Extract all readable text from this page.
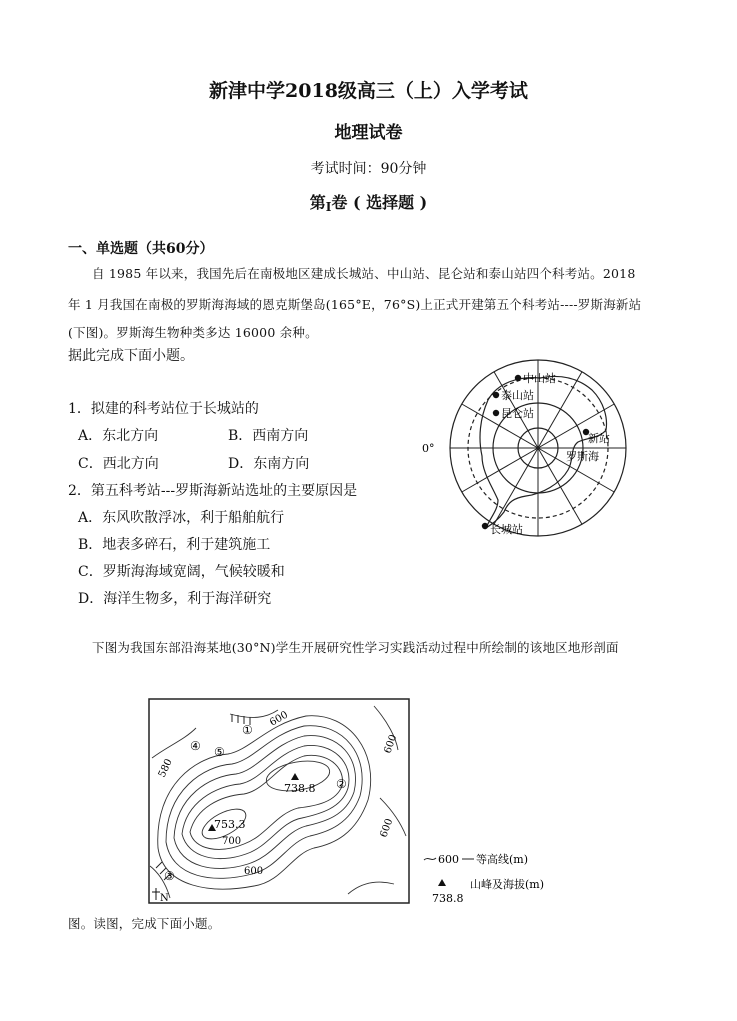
新津中学2018级高三（上）入学考试
地理试卷
考试时间：90分钟
第I卷 ( 选择题 )
一、单选题（共60分）
自 1985 年以来，我国先后在南极地区建成长城站、中山站、昆仑站和泰山站四个科考站。2018
年 1 月我国在南极的罗斯海海域的恩克斯堡岛(165°E，76°S)上正式开建第五个科考站----罗斯海新站
(下图)。罗斯海生物种类多达 16000 余种。
据此完成下面小题。
1．拟建的科考站位于长城站的
A．东北方向	B．西南方向
C．西北方向	D．东南方向
2．第五科考站---罗斯海新站选址的主要原因是
A．东风吹散浮冰，利于船舶航行
B．地表多碎石，利于建筑施工
C．罗斯海海域宽阔，气候较暖和
D．海洋生物多，利于海洋研究
中山站
泰山站
昆仑站
新站
罗斯海
长城站
0°
下图为我国东部沿海某地(30°N)学生开展研究性学习实践活动过程中所绘制的该地区地形剖面
738.8
753.3
600
600
600
580
700
600
①
②
③
④ ⑤
N
600 等高线(m)
山峰及海拔(m)
738.8
图。读图，完成下面小题。
